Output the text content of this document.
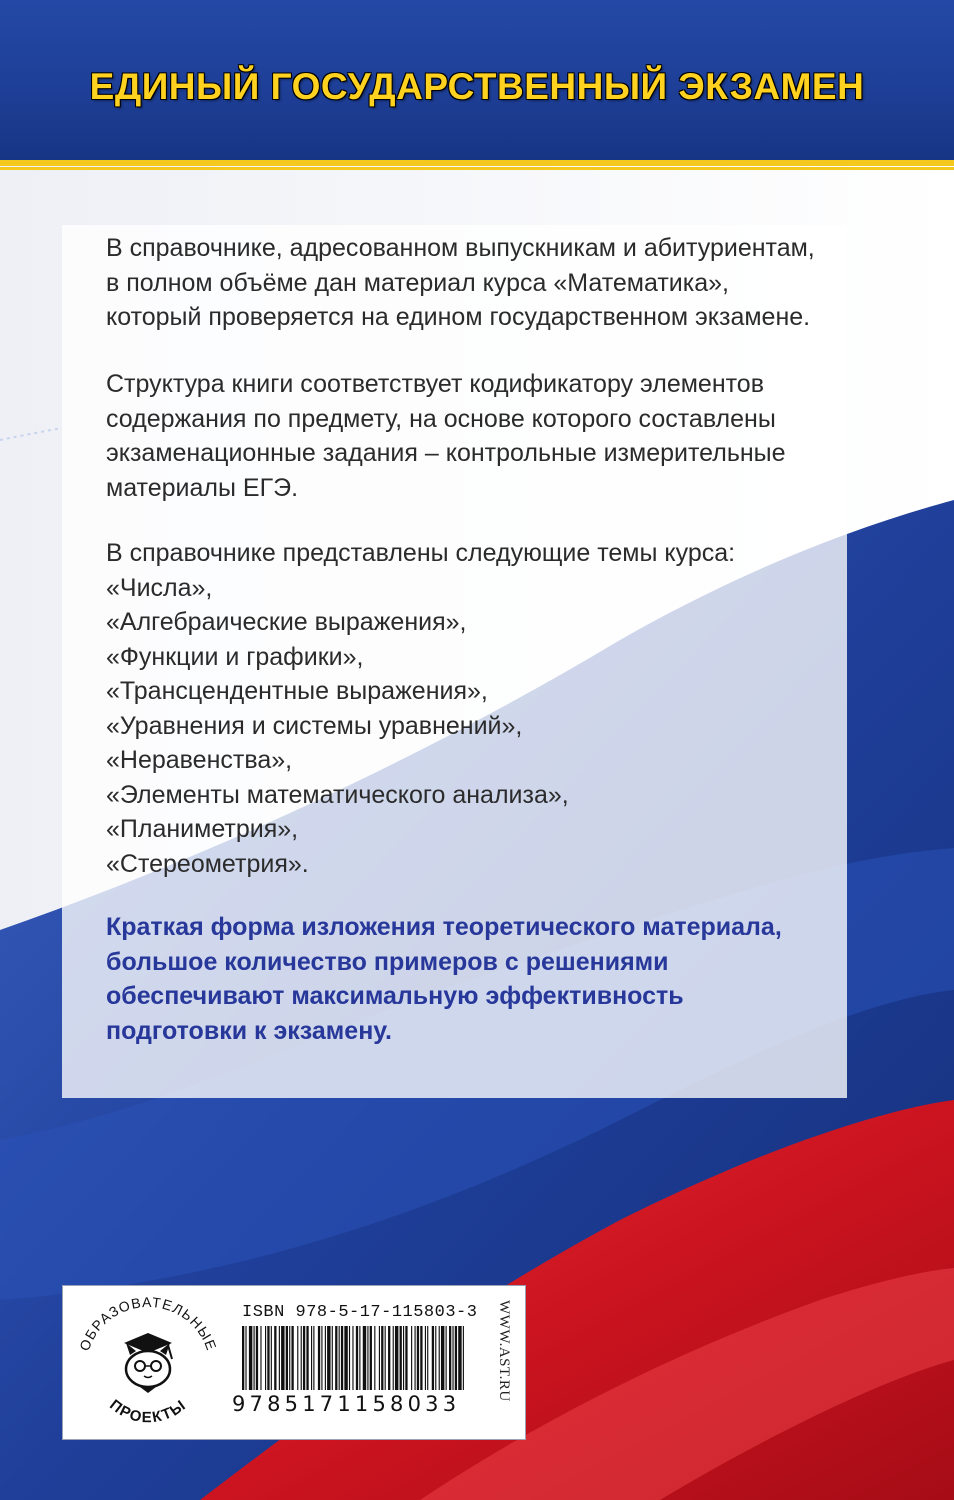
ЕДИНЫЙ ГОСУДАРСТВЕННЫЙ ЭКЗАМЕН

В справочнике, адресованном выпускникам и абитуриентам, в полном объёме дан материал курса «Математика», который проверяется на едином государственном экзамене.

Структура книги соответствует кодификатору элементов содержания по предмету, на основе которого составлены экзаменационные задания – контрольные измерительные материалы ЕГЭ.

В справочнике представлены следующие темы курса:
«Числа»,
«Алгебраические выражения»,
«Функции и графики»,
«Трансцендентные выражения»,
«Уравнения и системы уравнений»,
«Неравенства»,
«Элементы математического анализа»,
«Планиметрия»,
«Стереометрия».

Краткая форма изложения теоретического материала, большое количество примеров с решениями обеспечивают максимальную эффективность подготовки к экзамену.

ОБРАЗОВАТЕЛЬНЫЕ
ПРОЕКТЫ
ISBN 978-5-17-115803-3
9785171158033
WWW.AST.RU
